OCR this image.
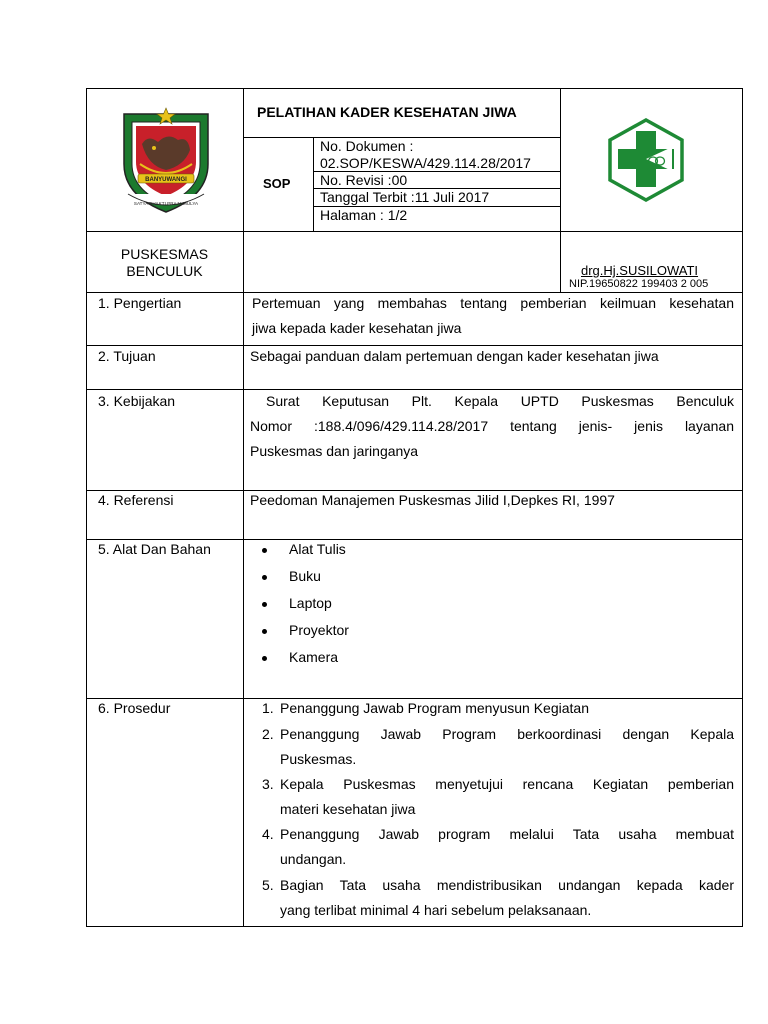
BANYUWANGI
SATYA BHAKTI PRAJA MULYA
PELATIHAN KADER KESEHATAN JIWA
SOP
No. Dokumen :
02.SOP/KESWA/429.114.28/2017
No. Revisi :00
Tanggal Terbit :11 Juli 2017
Halaman : 1/2
PUSKESMAS
BENCULUK	drg.Hj.SUSILOWATI
NIP.19650822 199403 2 005
1. Pengertian	Pertemuan yang membahas tentang pemberian keilmuan kesehatan
jiwa kepada kader kesehatan jiwa
2. Tujuan	Sebagai panduan dalam pertemuan dengan kader kesehatan jiwa
3. Kebijakan	Surat Keputusan Plt. Kepala UPTD Puskesmas Benculuk
Nomor :188.4/096/429.114.28/2017 tentang jenis- jenis layanan
Puskesmas dan jaringanya
4. Referensi	Peedoman Manajemen Puskesmas Jilid I,Depkes RI, 1997
5. Alat Dan Bahan	Alat Tulis
Buku
Laptop
Proyektor
Kamera
6. Prosedur	1. Penanggung Jawab Program menyusun Kegiatan
2. Penanggung Jawab Program berkoordinasi dengan Kepala
Puskesmas.
3. Kepala Puskesmas menyetujui rencana Kegiatan pemberian
materi kesehatan jiwa
4. Penanggung Jawab program melalui Tata usaha membuat
undangan.
5. Bagian Tata usaha mendistribusikan undangan kepada kader
yang terlibat minimal 4 hari sebelum pelaksanaan.
